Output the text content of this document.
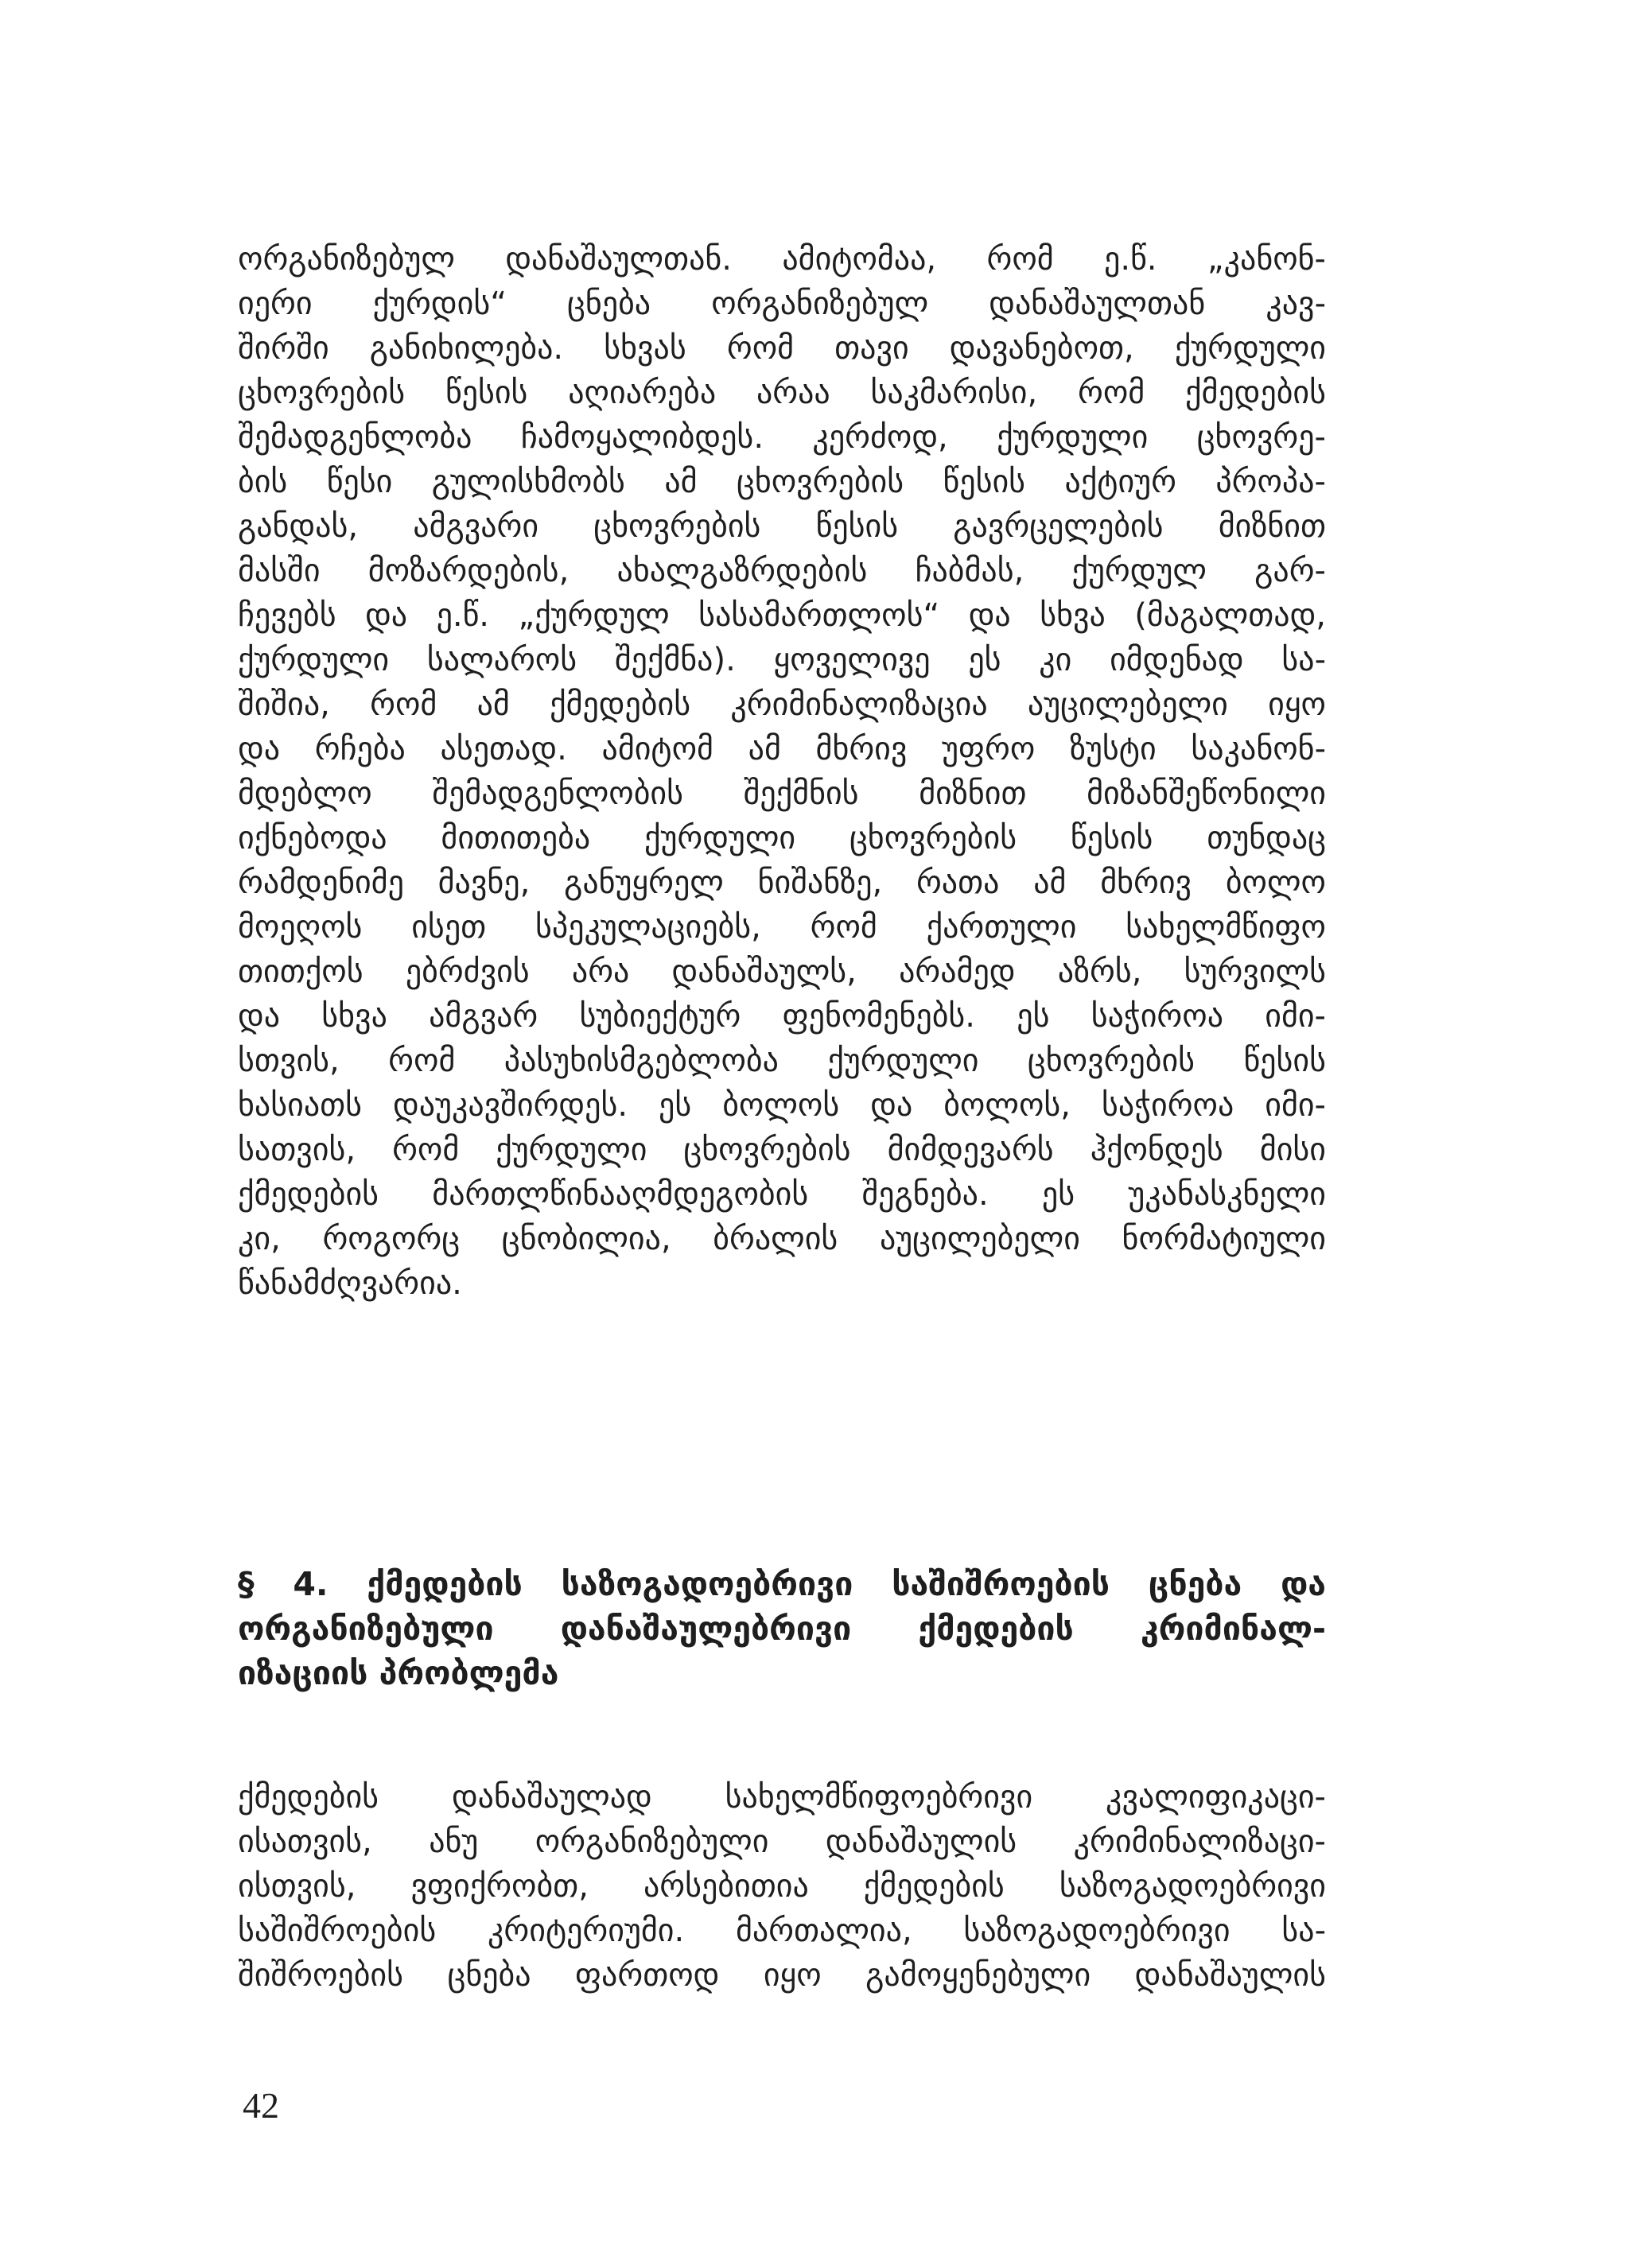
ორგანიზებულ დანაშაულთან. ამიტომაა, რომ ე.წ. „კანონ-
იერი ქურდის“ ცნება ორგანიზებულ დანაშაულთან კავ-
შირში განიხილება. სხვას რომ თავი დავანებოთ, ქურდული
ცხოვრების წესის აღიარება არაა საკმარისი, რომ ქმედების
შემადგენლობა ჩამოყალიბდეს. კერძოდ, ქურდული ცხოვრე-
ბის წესი გულისხმობს ამ ცხოვრების წესის აქტიურ პროპა-
განდას, ამგვარი ცხოვრების წესის გავრცელების მიზნით
მასში მოზარდების, ახალგაზრდების ჩაბმას, ქურდულ გარ-
ჩევებს და ე.წ. „ქურდულ სასამართლოს“ და სხვა (მაგალთად,
ქურდული სალაროს შექმნა). ყოველივე ეს კი იმდენად სა-
შიშია, რომ ამ ქმედების კრიმინალიზაცია აუცილებელი იყო
და რჩება ასეთად. ამიტომ ამ მხრივ უფრო ზუსტი საკანონ-
მდებლო შემადგენლობის შექმნის მიზნით მიზანშეწონილი
იქნებოდა მითითება ქურდული ცხოვრების წესის თუნდაც
რამდენიმე მავნე, განუყრელ ნიშანზე, რათა ამ მხრივ ბოლო
მოეღოს ისეთ სპეკულაციებს, რომ ქართული სახელმწიფო
თითქოს ებრძვის არა დანაშაულს, არამედ აზრს, სურვილს
და სხვა ამგვარ სუბიექტურ ფენომენებს. ეს საჭიროა იმი-
სთვის, რომ პასუხისმგებლობა ქურდული ცხოვრების წესის
ხასიათს დაუკავშირდეს. ეს ბოლოს და ბოლოს, საჭიროა იმი-
სათვის, რომ ქურდული ცხოვრების მიმდევარს ჰქონდეს მისი
ქმედების მართლწინააღმდეგობის შეგნება. ეს უკანასკნელი
კი, როგორც ცნობილია, ბრალის აუცილებელი ნორმატიული
წანამძღვარია.
§ 4. ქმედების საზოგადოებრივი საშიშროების ცნება და
ორგანიზებული დანაშაულებრივი ქმედების კრიმინალ-
იზაციის პრობლემა
ქმედების დანაშაულად სახელმწიფოებრივი კვალიფიკაცი-
ისათვის, ანუ ორგანიზებული დანაშაულის კრიმინალიზაცი-
ისთვის, ვფიქრობთ, არსებითია ქმედების საზოგადოებრივი
საშიშროების კრიტერიუმი. მართალია, საზოგადოებრივი სა-
შიშროების ცნება ფართოდ იყო გამოყენებული დანაშაულის
42
